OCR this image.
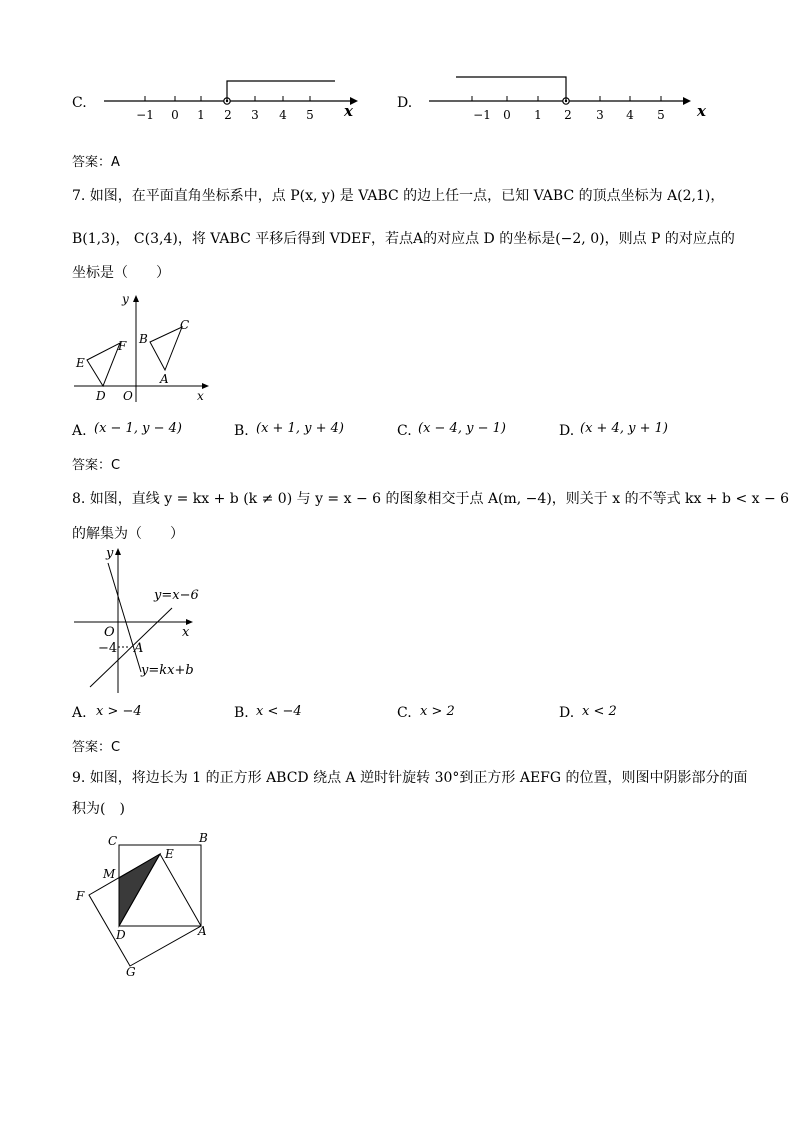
C.
−1 0 1 2 3 4 5 x	D.
−1 0 1 2 3 4 5 x
答案：A
7. 如图，在平面直角坐标系中，点 P(x, y) 是 VABC 的边上任一点，已知 VABC 的顶点坐标为 A(2,1)，
B(1,3)， C(3,4)，将 VABC 平移后得到 VDEF，若点A的对应点 D 的坐标是(−2, 0)，则点 P 的对应点的
坐标是（　　）
y
x
O
A
B
C
D
E
F
A. (x − 1, y − 4)	B. (x + 1, y + 4)	C. (x − 4, y − 1)	D. (x + 4, y + 1)
答案：C
8. 如图，直线 y = kx + b (k ≠ 0) 与 y = x − 6 的图象相交于点 A(m, −4)，则关于 x 的不等式 kx + b < x − 6
的解集为（　　）
y
x
O
A
−4
y=x−6
y=kx+b
A. x > −4	B. x < −4	C. x > 2	D. x < 2
答案：C
9. 如图，将边长为 1 的正方形 ABCD 绕点 A 逆时针旋转 30°到正方形 AEFG 的位置，则图中阴影部分的面
积为(　)
C	B
E
M
F
D	A
G
